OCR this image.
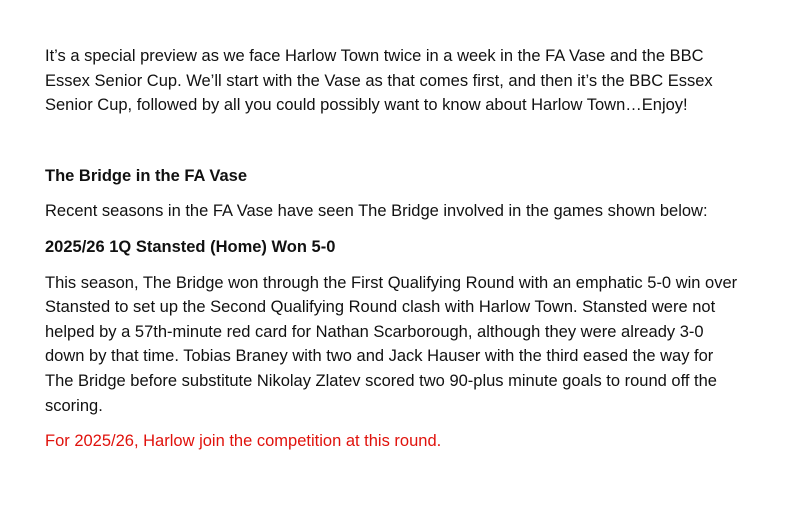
It’s a special preview as we face Harlow Town twice in a week in the FA Vase and the BBC Essex Senior Cup. We’ll start with the Vase as that comes first, and then it’s the BBC Essex Senior Cup, followed by all you could possibly want to know about Harlow Town…Enjoy!

The Bridge in the FA Vase

Recent seasons in the FA Vase have seen The Bridge involved in the games shown below:

2025/26 1Q Stansted (Home) Won 5-0

This season, The Bridge won through the First Qualifying Round with an emphatic 5-0 win over Stansted to set up the Second Qualifying Round clash with Harlow Town. Stansted were not helped by a 57th-minute red card for Nathan Scarborough, although they were already 3-0 down by that time. Tobias Braney with two and Jack Hauser with the third eased the way for The Bridge before substitute Nikolay Zlatev scored two 90-plus minute goals to round off the scoring.

For 2025/26, Harlow join the competition at this round.
